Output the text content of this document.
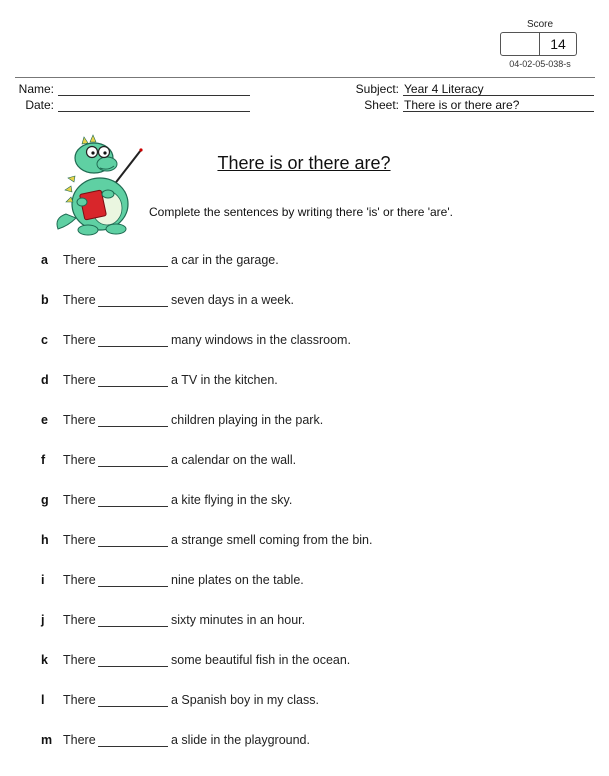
Score
14
04-02-05-038-s
Name:
Date:
Subject: Year 4 Literacy
Sheet: There is or there are?
There is or there are?
Complete the sentences by writing there 'is' or there 'are'.
a There	a car in the garage.
b There	seven days in a week.
c There	many windows in the classroom.
d There	a TV in the kitchen.
e There	children playing in the park.
f There	a calendar on the wall.
g There	a kite flying in the sky.
h There	a strange smell coming from the bin.
i There	nine plates on the table.
j There	sixty minutes in an hour.
k There	some beautiful fish in the ocean.
l There	a Spanish boy in my class.
m There	a slide in the playground.
